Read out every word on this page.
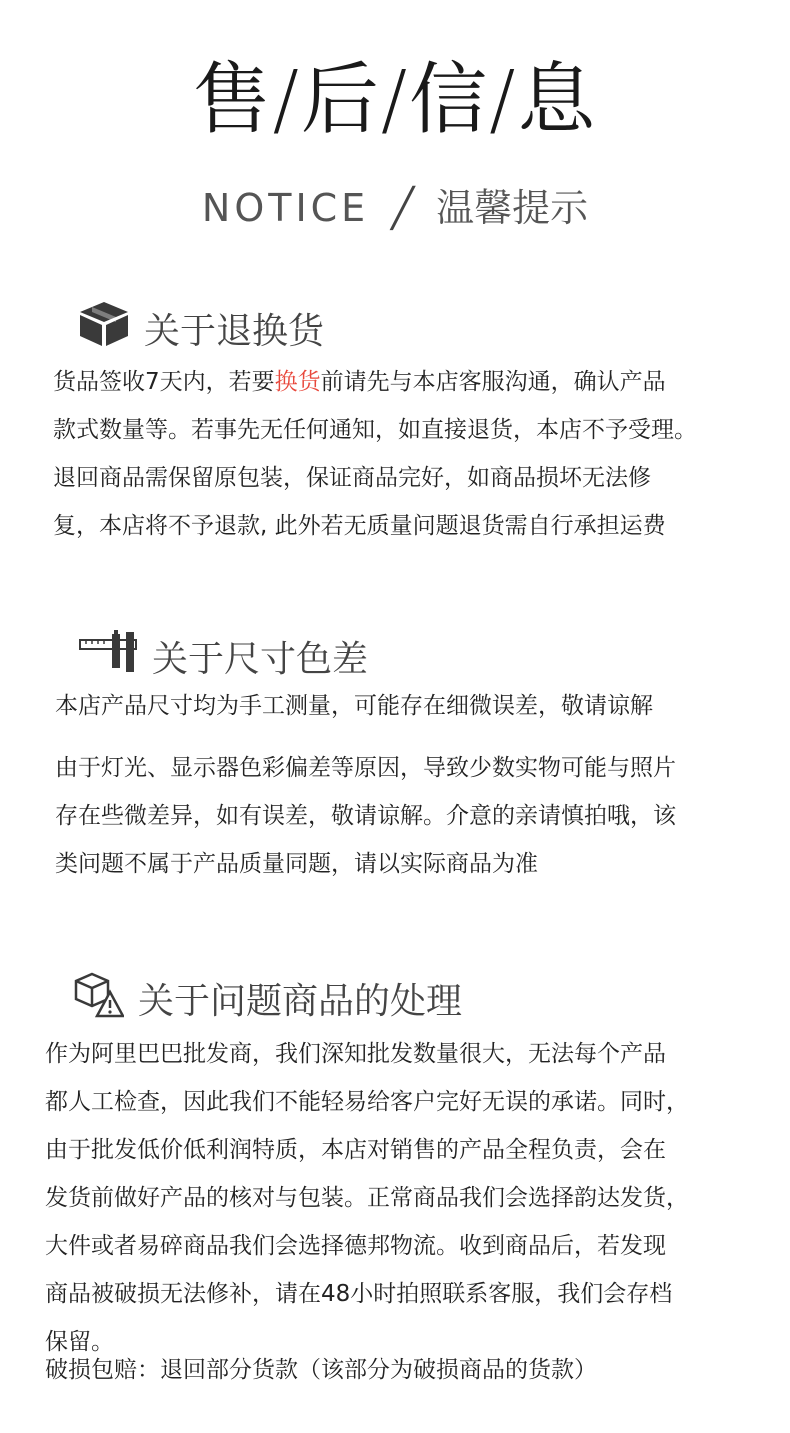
售/后/信/息
NOTICE ╱ 温馨提示
关于退换货

货品签收7天内，若要换货前请先与本店客服沟通，确认产品
款式数量等。若事先无任何通知，如直接退货，本店不予受理。
退回商品需保留原包装，保证商品完好，如商品损坏无法修
复，本店将不予退款, 此外若无质量问题退货需自行承担运费

关于尺寸色差

本店产品尺寸均为手工测量，可能存在细微误差，敬请谅解

由于灯光、显示器色彩偏差等原因，导致少数实物可能与照片
存在些微差异，如有误差，敬请谅解。介意的亲请慎拍哦，该
类问题不属于产品质量同题，请以实际商品为准

关于问题商品的处理

作为阿里巴巴批发商，我们深知批发数量很大，无法每个产品
都人工检查，因此我们不能轻易给客户完好无误的承诺。同时，
由于批发低价低利润特质，本店对销售的产品全程负责，会在
发货前做好产品的核对与包装。正常商品我们会选择韵达发货，
大件或者易碎商品我们会选择德邦物流。收到商品后，若发现
商品被破损无法修补，请在48小时拍照联系客服，我们会存档
保留。

破损包赔：退回部分货款（该部分为破损商品的货款）
